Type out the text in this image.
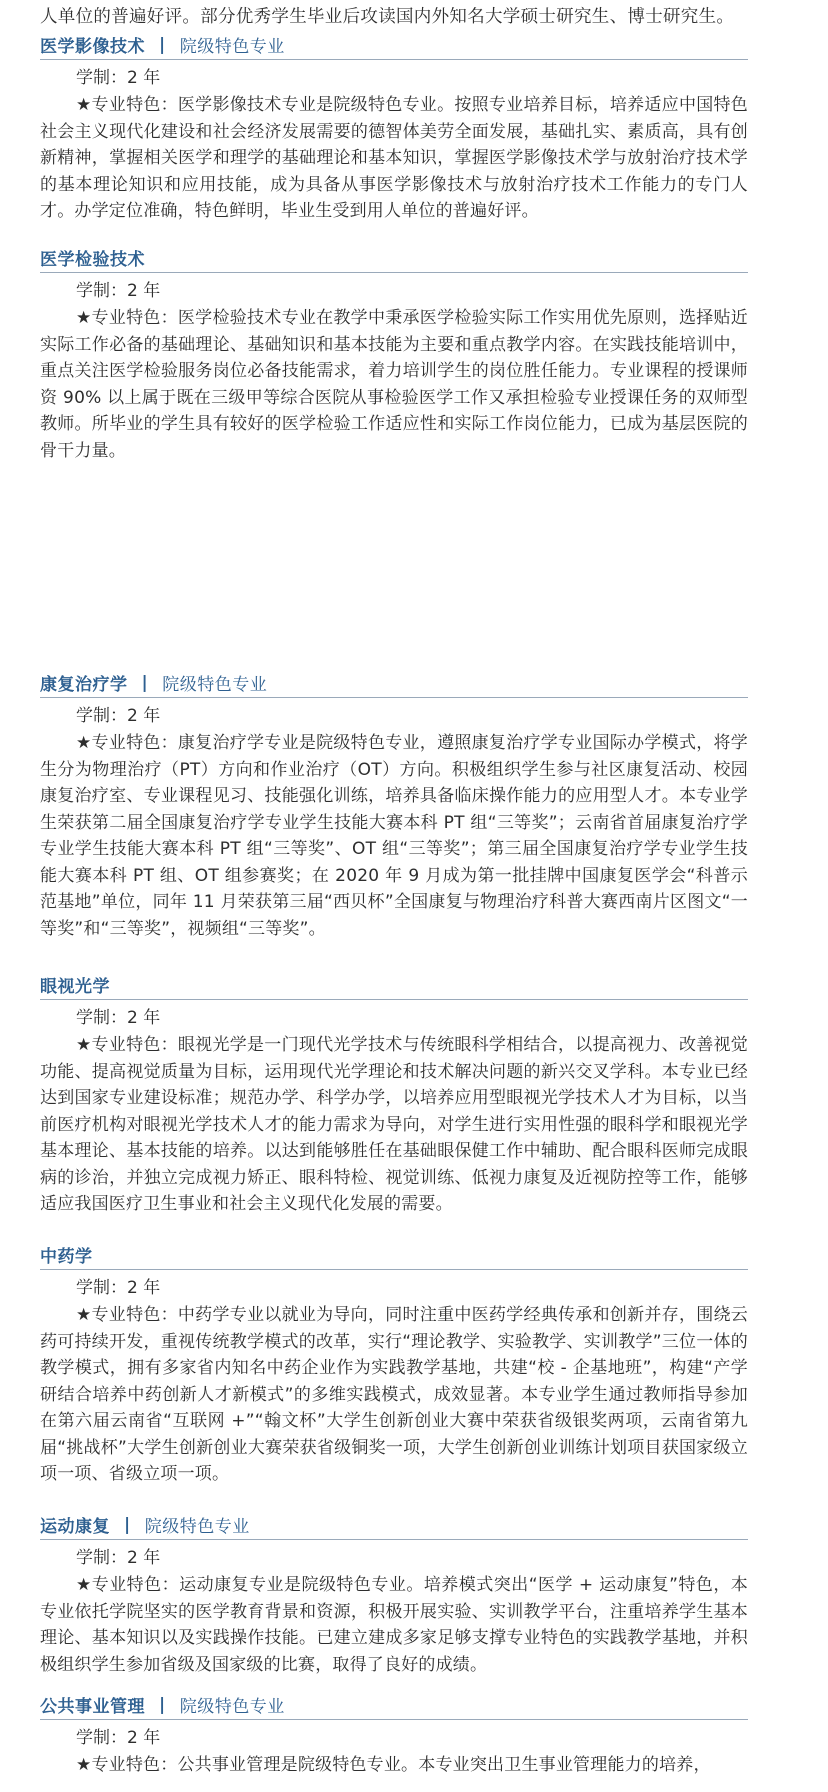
人单位的普遍好评。部分优秀学生毕业后攻读国内外知名大学硕士研究生、博士研究生。

医学影像技术 | 院级特色专业

学制：2 年

★专业特色：医学影像技术专业是院级特色专业。按照专业培养目标，培养适应中国特色社会主义现代化建设和社会经济发展需要的德智体美劳全面发展，基础扎实、素质高，具有创新精神，掌握相关医学和理学的基础理论和基本知识，掌握医学影像技术学与放射治疗技术学的基本理论知识和应用技能，成为具备从事医学影像技术与放射治疗技术工作能力的专门人才。办学定位准确，特色鲜明，毕业生受到用人单位的普遍好评。

医学检验技术

学制：2 年

★专业特色：医学检验技术专业在教学中秉承医学检验实际工作实用优先原则，选择贴近实际工作必备的基础理论、基础知识和基本技能为主要和重点教学内容。在实践技能培训中，重点关注医学检验服务岗位必备技能需求，着力培训学生的岗位胜任能力。专业课程的授课师资 90% 以上属于既在三级甲等综合医院从事检验医学工作又承担检验专业授课任务的双师型教师。所毕业的学生具有较好的医学检验工作适应性和实际工作岗位能力，已成为基层医院的骨干力量。

康复治疗学 | 院级特色专业

学制：2 年

★专业特色：康复治疗学专业是院级特色专业，遵照康复治疗学专业国际办学模式，将学生分为物理治疗（PT）方向和作业治疗（OT）方向。积极组织学生参与社区康复活动、校园康复治疗室、专业课程见习、技能强化训练，培养具备临床操作能力的应用型人才。本专业学生荣获第二届全国康复治疗学专业学生技能大赛本科 PT 组“三等奖”；云南省首届康复治疗学专业学生技能大赛本科 PT 组“三等奖”、OT 组“三等奖”；第三届全国康复治疗学专业学生技能大赛本科 PT 组、OT 组参赛奖；在 2020 年 9 月成为第一批挂牌中国康复医学会“科普示范基地”单位，同年 11 月荣获第三届“西贝杯”全国康复与物理治疗科普大赛西南片区图文“一等奖”和“三等奖”，视频组“三等奖”。

眼视光学

学制：2 年

★专业特色：眼视光学是一门现代光学技术与传统眼科学相结合，以提高视力、改善视觉功能、提高视觉质量为目标，运用现代光学理论和技术解决问题的新兴交叉学科。本专业已经达到国家专业建设标准；规范办学、科学办学，以培养应用型眼视光学技术人才为目标，以当前医疗机构对眼视光学技术人才的能力需求为导向，对学生进行实用性强的眼科学和眼视光学基本理论、基本技能的培养。以达到能够胜任在基础眼保健工作中辅助、配合眼科医师完成眼病的诊治，并独立完成视力矫正、眼科特检、视觉训练、低视力康复及近视防控等工作，能够适应我国医疗卫生事业和社会主义现代化发展的需要。

中药学

学制：2 年

★专业特色：中药学专业以就业为导向，同时注重中医药学经典传承和创新并存，围绕云药可持续开发，重视传统教学模式的改革，实行“理论教学、实验教学、实训教学”三位一体的教学模式，拥有多家省内知名中药企业作为实践教学基地，共建“校 - 企基地班”，构建“产学研结合培养中药创新人才新模式”的多维实践模式，成效显著。本专业学生通过教师指导参加在第六届云南省“互联网 +”“翰文杯”大学生创新创业大赛中荣获省级银奖两项，云南省第九届“挑战杯”大学生创新创业大赛荣获省级铜奖一项，大学生创新创业训练计划项目获国家级立项一项、省级立项一项。

运动康复 | 院级特色专业

学制：2 年

★专业特色：运动康复专业是院级特色专业。培养模式突出“医学 + 运动康复”特色，本专业依托学院坚实的医学教育背景和资源，积极开展实验、实训教学平台，注重培养学生基本理论、基本知识以及实践操作技能。已建立建成多家足够支撑专业特色的实践教学基地，并积极组织学生参加省级及国家级的比赛，取得了良好的成绩。

公共事业管理 | 院级特色专业

学制：2 年

★专业特色：公共事业管理是院级特色专业。本专业突出卫生事业管理能力的培养，
